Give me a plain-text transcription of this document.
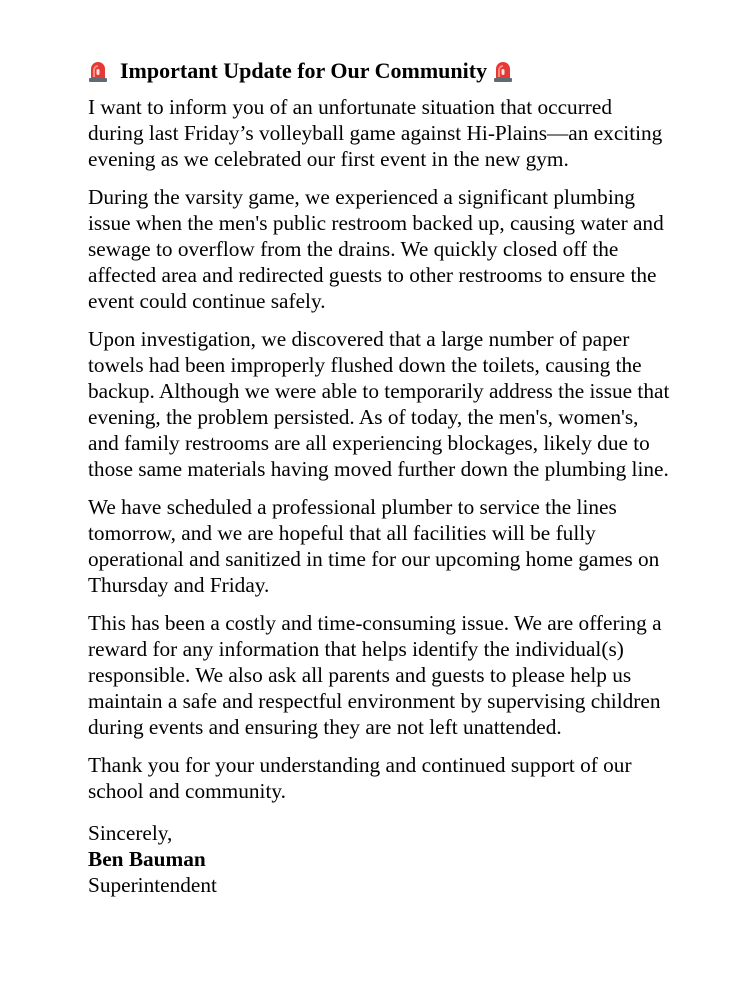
Important Update for Our Community

I want to inform you of an unfortunate situation that occurred during last Friday’s volleyball game against Hi-Plains—an exciting evening as we celebrated our first event in the new gym.

During the varsity game, we experienced a significant plumbing issue when the men's public restroom backed up, causing water and sewage to overflow from the drains. We quickly closed off the affected area and redirected guests to other restrooms to ensure the event could continue safely.

Upon investigation, we discovered that a large number of paper towels had been improperly flushed down the toilets, causing the backup. Although we were able to temporarily address the issue that evening, the problem persisted. As of today, the men's, women's, and family restrooms are all experiencing blockages, likely due to those same materials having moved further down the plumbing line.

We have scheduled a professional plumber to service the lines tomorrow, and we are hopeful that all facilities will be fully operational and sanitized in time for our upcoming home games on Thursday and Friday.

This has been a costly and time-consuming issue. We are offering a reward for any information that helps identify the individual(s) responsible. We also ask all parents and guests to please help us maintain a safe and respectful environment by supervising children during events and ensuring they are not left unattended.

Thank you for your understanding and continued support of our school and community.

Sincerely,
Ben Bauman
Superintendent
